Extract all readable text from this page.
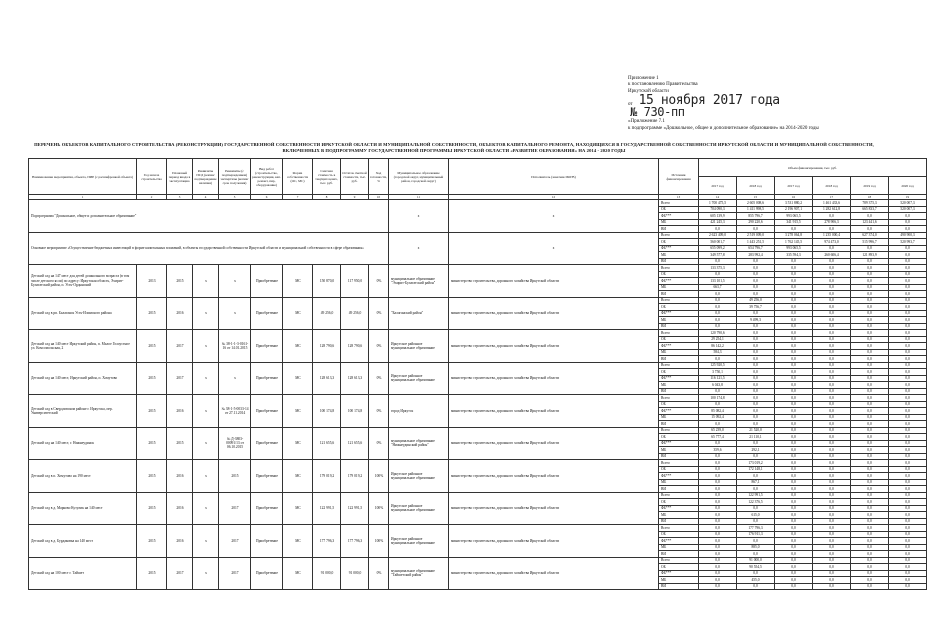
Приложение 1
к постановлению Правительства
Иркутской области
от 15 ноября 2017 года
№ 730-пп
«Приложение 7.1
к подпрограмме «Дошкольное, общее и дополнительное образование» на 2014-2020 годы
ПЕРЕЧЕНЬ ОБЪЕКТОВ КАПИТАЛЬНОГО СТРОИТЕЛЬСТВА (РЕКОНСТРУКЦИИ) ГОСУДАРСТВЕННОЙ СОБСТВЕННОСТИ ИРКУТСКОЙ ОБЛАСТИ И МУНИЦИПАЛЬНОЙ СОБСТВЕННОСТИ, ОБЪЕКТОВ КАПИТАЛЬНОГО РЕМОНТА, НАХОДЯЩИХСЯ В ГОСУДАРСТВЕННОЙ СОБСТВЕННОСТИ ИРКУТСКОЙ ОБЛАСТИ И МУНИЦИПАЛЬНОЙ СОБСТВЕННОСТИ, ВКЛЮЧЕННЫХ В ПОДПРОГРАММУ ГОСУДАРСТВЕННОЙ ПРОГРАММЫ ИРКУТСКОЙ ОБЛАСТИ «РАЗВИТИЕ ОБРАЗОВАНИЯ» НА 2014 - 2020 ГОДЫ
Наименование мероприятия, объекта, ПИР (с расшифровкой объекта)	Год начала строительства	Плановый период ввода в эксплуатацию	Реквизиты ПСД (копия/подтверждение наличия)	Реквизиты (с подтверждением) экспертизы (копия/срок получения)	Вид работ (строительство, реконструкция, кап. ремонт, пир, оборудование)	Форма собственности (ОС, МС)	Сметная стоимость в текущих ценах, тыс. руб.	Остаток сметной стоимости, тыс. руб.	Ход готовности, %	Муниципальное образование (городской округ, муниципальный район, городской округ)	Исполнитель (заказчик ИОГВ)	Источник финансирования	Объем финансирования, тыс. руб.					
													2017 год	2018 год	2017 год	2018 год	2019 год	2020 год
1	2	3	4	5	6	7	8	9	10	11	12	13	14	15	16	17	18	19
Подпрограмма "Дошкольное, общее и дополнительное образование"										x	x	Всего	1 700 475,5	2 605 008,6	3 531 880,2	1 461 433,6	789 375,3	520 007,3
												ОБ	704 090,3	1 411 998,5	2 196 907,1	1 282 612,8	665 833,7	520 007,3
												ФБ***	605 139,9	855 796,7	993 065,5	0,0	0,0	0,0
												МБ	421 245,3	290 220,6	341 915,5	278 906,3	123 441,6	0,0
												ВИ	0,0	0,0	0,0	0,0	0,0	0,0
Основное мероприятие «Осуществление бюджетных инвестиций в форме капитальных вложений, в объекты государственной собственности Иркутской области и муниципальной собственности в сфере образования»										x	x	Всего	2 623 409,0	2 519 009,0	3 278 064,8	1 235 000,4	627 374,0	490 900,3
												ОБ	560 001,7	1 443 251,5	1 762 145,5	974 473,0	515 996,7	520 993,7
												ФБ***	655 099,2	654 796,7	993 065,5	0,0	0,0	0,0
												МБ	349 577,8	283 992,4	335 594,3	260 606,4	121 893,9	0,0
												ВИ	0,0	0,0	0,0	0,0	0,0	0,0
Детский сад на 147 мест для детей дошкольного возраста (в том числе детского ясли) по адресу: Иркутская область, Эхирит-Булагатский район, п. Усть-Ордынский	2013	2015	x	x	Приобретение	МС	150 870,0	117 950,0	0%	муниципальное образование "Эхирит-Булагатский район"	министерство строительства, дорожного хозяйства Иркутской области	Всего	133 375,3	0,0	0,0	0,0	0,0	0,0
												ОБ	0,0	0,0	0,0	0,0	0,0	0,0
												ФБ***	133 101,5	0,0	0,0	0,0	0,0	0,0
												МБ	663,7	0,0	0,0	0,0	0,0	0,0
												ВИ	0,0	0,0	0,0	0,0	0,0	0,0
Детский сад в рп. Балаганск Усть-Илимского района	2015	2016	x	x	Приобретение	МС	49 256,0	49 256,0	0%	"Балаганский район"	министерство строительства, дорожного хозяйства Иркутской области	Всего	0,0	49 256,0	0,0	0,0	0,0	0,0
												ОБ	0,0	39 756,7	0,0	0,0	0,0	0,0
												ФБ***	0,0	0,0	0,0	0,0	0,0	0,0
												МБ	0,0	9 499,3	0,0	0,0	0,0	0,0
												ВИ	0,0	0,0	0,0	0,0	0,0	0,0
Детский сад на 140 мест Иркутский район, п. Малое Голоустное ул. Комсомольская, 2	2015	2017	x	№ 38-1-1-3-0161-16 от 14.01.2015	Приобретение	МС	128 790,6	128 790,6	0%	Иркутское районное муниципальное образование	министерство строительства, дорожного хозяйства Иркутской области	Всего	120 790,6	0,0	0,0	0,0	0,0	0,0
												ОБ	29 254,1	0,0	0,0	0,0	0,0	0,0
												ФБ***	86 142,2	0,0	0,0	0,0	0,0	0,0
												МБ	584,3	0,0	0,0	0,0	0,0	0,0
												ВИ	0,0	0,0	0,0	0,0	0,0	0,0
Детский сад на 140 мест, Иркутский район, п. Хомутово	2015	2017	x	x	Приобретение	МС	128 613,3	128 613,3	0%	Иркутское районное муниципальное образование	министерство строительства, дорожного хозяйства Иркутской области	Всего	125 920,5	0,0	0,0	0,0	0,0	0,0
												ОБ	3 750,1	0,0	0,0	0,0	0,0	0,0
												ФБ***	116 121,5	0,0	0,0	0,0	0,0	0,0
												МБ	6 043,8	0,0	0,0	0,0	0,0	0,0
												ВИ	0,0	0,0	0,0	0,0	0,0	0,0
Детский сад в Свердловском районе г. Иркутска, пер. Университетский	2015	2016	x	№ 38-1-5-0033-14 от 27.11.2014	Приобретение	МС	100 174,8	100 174,8	0%	город Иркутск	министерство строительства, дорожного хозяйства Иркутской области	Всего	100 174,8	0,0	0,0	0,0	0,0	0,0
												ОБ	0,0	0,0	0,0	0,0	0,0	0,0
												ФБ***	85 082,4	0,0	0,0	0,0	0,0	0,0
												МБ	15 092,4	0,0	0,0	0,0	0,0	0,0
												ВИ	0,0	0,0	0,0	0,0	0,0	0,0
Детский сад на 140 мест, г. Нижнеудинск	2015	2015	x	№ Д-3803-00091/13 от 06.10.2015	Приобретение	МС	121 655,6	121 655,6	0%	муниципальное образование "Нижнеудинский район"	министерство строительства, дорожного хозяйства Иркутской области	Всего	65 239,0	21 520,0	0,0	0,0	0,0	0,0
												ОБ	65 777,4	21 110,1	0,0	0,0	0,0	0,0
												ФБ***	0,0	0,0	0,0	0,0	0,0	0,0
												МБ	359,6	292,1	0,0	0,0	0,0	0,0
												ВИ	0,0	0,0	0,0	0,0	0,0	0,0
Детский сад в п. Хомутово на 190 мест	2015	2016	x	2015	Приобретение	МС	179 019,2	179 019,2	100%	Иркутское районное муниципальное образование	министерство строительства, дорожного хозяйства Иркутской области	Всего	0,0	173 019,2	0,0	0,0	0,0	0,0
												ОБ	0,0	172 148,1	0,0	0,0	0,0	0,0
												ФБ***	0,0	0,0	0,0	0,0	0,0	0,0
												МБ	0,0	867,1	0,0	0,0	0,0	0,0
												ВИ	0,0	0,0	0,0	0,0	0,0	0,0
Детский сад в д. Марково Кутулик на 140 мест	2015	2016	x	2017	Приобретение	МС	122 991,5	122 991,5	100%	Иркутское районное муниципальное образование	министерство строительства, дорожного хозяйства Иркутской области	Всего	0,0	122 991,5	0,0	0,0	0,0	0,0
												ОБ	0,0	122 376,5	0,0	0,0	0,0	0,0
												ФБ***	0,0	0,0	0,0	0,0	0,0	0,0
												МБ	0,0	615,0	0,0	0,0	0,0	0,0
												ВИ	0,0	0,0	0,0	0,0	0,0	0,0
Детский сад в д. Бурдаковка на 140 мест	2015	2016	x	2017	Приобретение	МС	177 796,3	177 796,3	100%	Иркутское районное муниципальное образование	министерство строительства, дорожного хозяйства Иркутской области	Всего	0,0	177 796,3	0,0	0,0	0,0	0,0
												ОБ	0,0	176 911,3	0,0	0,0	0,0	0,0
												ФБ***	0,0	0,0	0,0	0,0	0,0	0,0
												МБ	0,0	885,0	0,0	0,0	0,0	0,0
												ВИ	0,0	0,0	0,0	0,0	0,0	0,0
Детский сад на 100 мест г. Тайшет	2015	2017	x	2017	Приобретение	МС	91 000,0	91 000,0	0%	муниципальное образование "Тайшетский район"	министерство строительства, дорожного хозяйства Иркутской области	Всего	0,0	91 000,0	0,0	0,0	0,0	0,0
												ОБ	0,0	90 554,5	0,0	0,0	0,0	0,0
												ФБ***	0,0	0,0	0,0	0,0	0,0	0,0
												МБ	0,0	455,0	0,0	0,0	0,0	0,0
												ВИ	0,0	0,0	0,0	0,0	0,0	0,0
